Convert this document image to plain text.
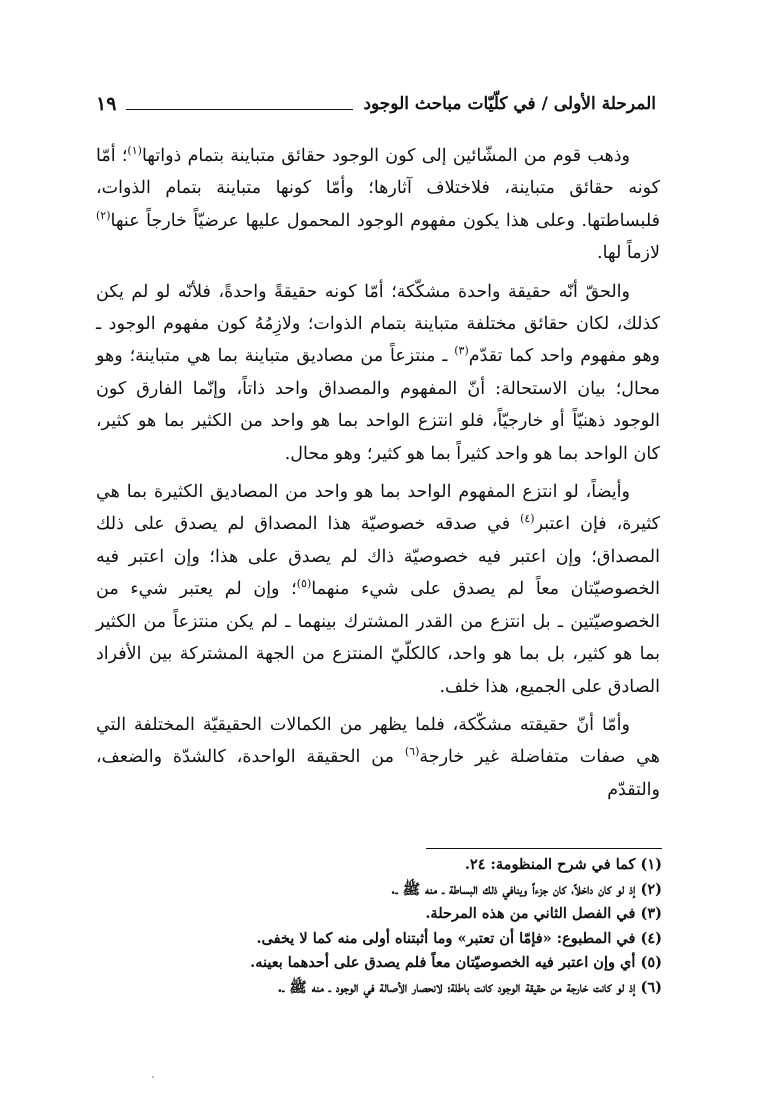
المرحلة الأولى / في كلّيّات مباحث الوجود
١٩

وذهب قوم من المشّائين إلى كون الوجود حقائق متباينة بتمام ذواتها$^{(١)}$؛ أمّا كونه حقائق متباينة، فلاختلاف آثارها؛ وأمّا كونها متباينة بتمام الذوات، فلبساطتها. وعلى هذا يكون مفهوم الوجود المحمول عليها عرضيّاً خارجاً عنها$^{(٢)}$ لازماً لها.

والحقّ أنّه حقيقة واحدة مشكّكة؛ أمّا كونه حقيقةً واحدةً، فلأنّه لو لم يكن كذلك، لكان حقائق مختلفة متباينة بتمام الذوات؛ ولازِمُهُ كون مفهوم الوجود ـ وهو مفهوم واحد كما تقدّم$^{(٣)}$ ـ منتزعاً من مصاديق متباينة بما هي متباينة؛ وهو محال؛ بيان الاستحالة: أنّ المفهوم والمصداق واحد ذاتاً، وإنّما الفارق كون الوجود ذهنيّاً أو خارجيّاً، فلو انتزع الواحد بما هو واحد من الكثير بما هو كثير، كان الواحد بما هو واحد كثيراً بما هو كثير؛ وهو محال.

وأيضاً، لو انتزع المفهوم الواحد بما هو واحد من المصاديق الكثيرة بما هي كثيرة، فإن اعتبر$^{(٤)}$ في صدقه خصوصيّة هذا المصداق لم يصدق على ذلك المصداق؛ وإن اعتبر فيه خصوصيّة ذاك لم يصدق على هذا؛ وإن اعتبر فيه الخصوصيّتان معاً لم يصدق على شيء منهما$^{(٥)}$؛ وإن لم يعتبر شيء من الخصوصيّتين ـ بل انتزع من القدر المشترك بينهما ـ لم يكن منتزعاً من الكثير بما هو كثير، بل بما هو واحد، كالكلّيّ المنتزع من الجهة المشتركة بين الأفراد الصادق على الجميع، هذا خلف.

وأمّا أنّ حقيقته مشكّكة، فلما يظهر من الكمالات الحقيقيّة المختلفة التي هي صفات متفاضلة غير خارجة$^{(٦)}$ من الحقيقة الواحدة، كالشدّة والضعف، والتقدّم

(١) كما في شرح المنظومة: ٢٤.
(٢) إذ لو كان داخلاً، كان جزءاً وينافي ذلك البساطة ـ منه ﷺ ـ.
(٣) في الفصل الثاني من هذه المرحلة.
(٤) في المطبوع: «فإمّا أن تعتبر» وما أثبتناه أولى منه كما لا يخفى.
(٥) أي وإن اعتبر فيه الخصوصيّتان معاً فلم يصدق على أحدهما بعينه.
(٦) إذ لو كانت خارجة من حقيقة الوجود كانت باطلة؛ لانحصار الأصالة في الوجود ـ منه ﷺ ـ.
